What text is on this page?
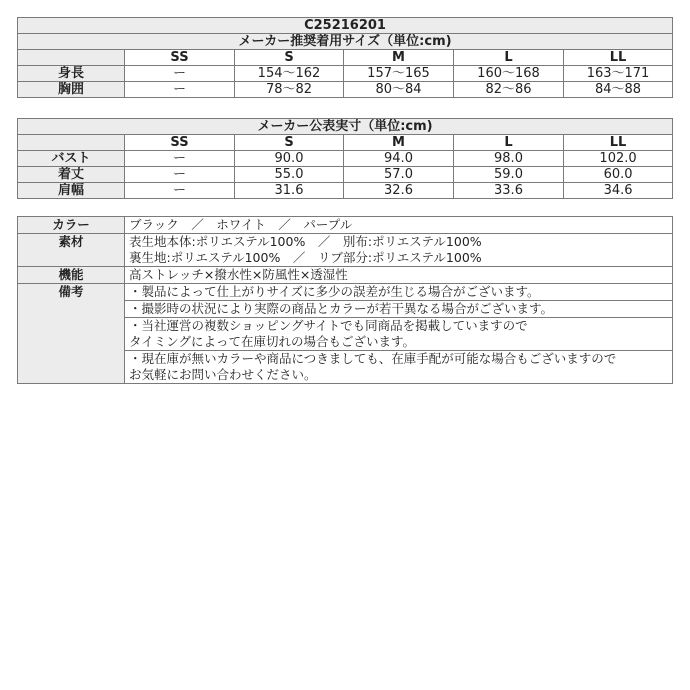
C25216201					
メーカー推奨着用サイズ（単位:cm)					
	SS	S	M	L	LL
身長	ー	154〜162	157〜165	160〜168	163〜171
胸囲	ー	78〜82	80〜84	82〜86	84〜88
メーカー公表実寸（単位:cm)					
	SS	S	M	L	LL
バスト	ー	90.0	94.0	98.0	102.0
着丈	ー	55.0	57.0	59.0	60.0
肩幅	ー	31.6	32.6	33.6	34.6
カラー	ブラック　／　ホワイト　／　パープル

素材	表生地本体:ポリエステル100%　／　別布:ポリエステル100%
裏生地:ポリエステル100%　／　リブ部分:ポリエステル100%

機能	高ストレッチ×撥水性×防風性×透湿性

備考	・製品によって仕上がりサイズに多少の誤差が生じる場合がございます。

	・撮影時の状況により実際の商品とカラーが若干異なる場合がございます。

	・当社運営の複数ショッピングサイトでも同商品を掲載していますので
タイミングによって在庫切れの場合もございます。

	・現在庫が無いカラーや商品につきましても、在庫手配が可能な場合もございますので
お気軽にお問い合わせください。
